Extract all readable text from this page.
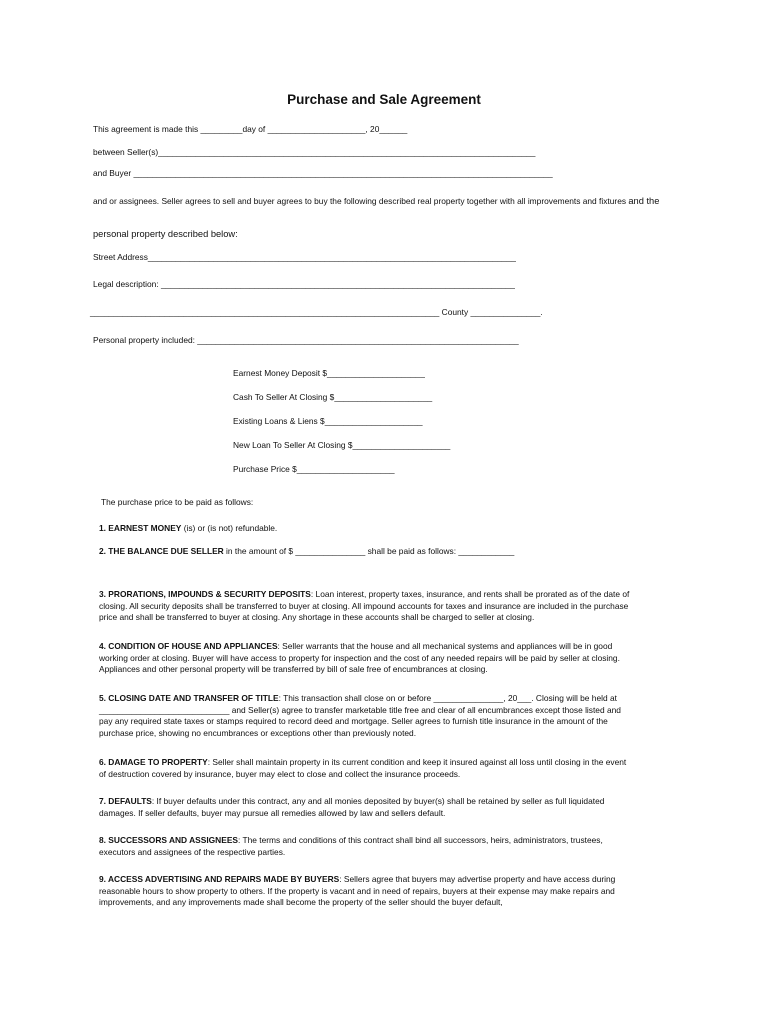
Purchase and Sale Agreement
This agreement is made this _________day of _____________________, 20______
between Seller(s)_________________________________________________________________________________
and Buyer __________________________________________________________________________________________
and or assignees. Seller agrees to sell and buyer agrees to buy the following described real property together with all improvements and fixtures and the
personal property described below:
Street Address_______________________________________________________________________________
Legal description: ____________________________________________________________________________
___________________________________________________________________________ County _______________.
Personal property included: _____________________________________________________________________
Earnest Money Deposit $_____________________
Cash To Seller At Closing $_____________________
Existing Loans & Liens $_____________________
New Loan To Seller At Closing $_____________________
Purchase Price $_____________________
The purchase price to be paid as follows:
1. EARNEST MONEY (is) or (is not) refundable.
2. THE BALANCE DUE SELLER in the amount of $ _______________ shall be paid as follows: ____________
3. PRORATIONS, IMPOUNDS & SECURITY DEPOSITS: Loan interest, property taxes, insurance, and rents shall be prorated as of the date of
closing. All security deposits shall be transferred to buyer at closing. All impound accounts for taxes and insurance are included in the purchase
price and shall be transferred to buyer at closing. Any shortage in these accounts shall be charged to seller at closing.
4. CONDITION OF HOUSE AND APPLIANCES: Seller warrants that the house and all mechanical systems and appliances will be in good
working order at closing. Buyer will have access to property for inspection and the cost of any needed repairs will be paid by seller at closing.
Appliances and other personal property will be transferred by bill of sale free of encumbrances at closing.
5. CLOSING DATE AND TRANSFER OF TITLE: This transaction shall close on or before _______________, 20___. Closing will be held at
____________________________ and Seller(s) agree to transfer marketable title free and clear of all encumbrances except those listed and
pay any required state taxes or stamps required to record deed and mortgage. Seller agrees to furnish title insurance in the amount of the
purchase price, showing no encumbrances or exceptions other than previously noted.
6. DAMAGE TO PROPERTY: Seller shall maintain property in its current condition and keep it insured against all loss until closing in the event
of destruction covered by insurance, buyer may elect to close and collect the insurance proceeds.
7. DEFAULTS: If buyer defaults under this contract, any and all monies deposited by buyer(s) shall be retained by seller as full liquidated
damages. If seller defaults, buyer may pursue all remedies allowed by law and sellers default.
8. SUCCESSORS AND ASSIGNEES: The terms and conditions of this contract shall bind all successors, heirs, administrators, trustees,
executors and assignees of the respective parties.
9. ACCESS ADVERTISING AND REPAIRS MADE BY BUYERS: Sellers agree that buyers may advertise property and have access during
reasonable hours to show property to others. If the property is vacant and in need of repairs, buyers at their expense may make repairs and
improvements, and any improvements made shall become the property of the seller should the buyer default,
